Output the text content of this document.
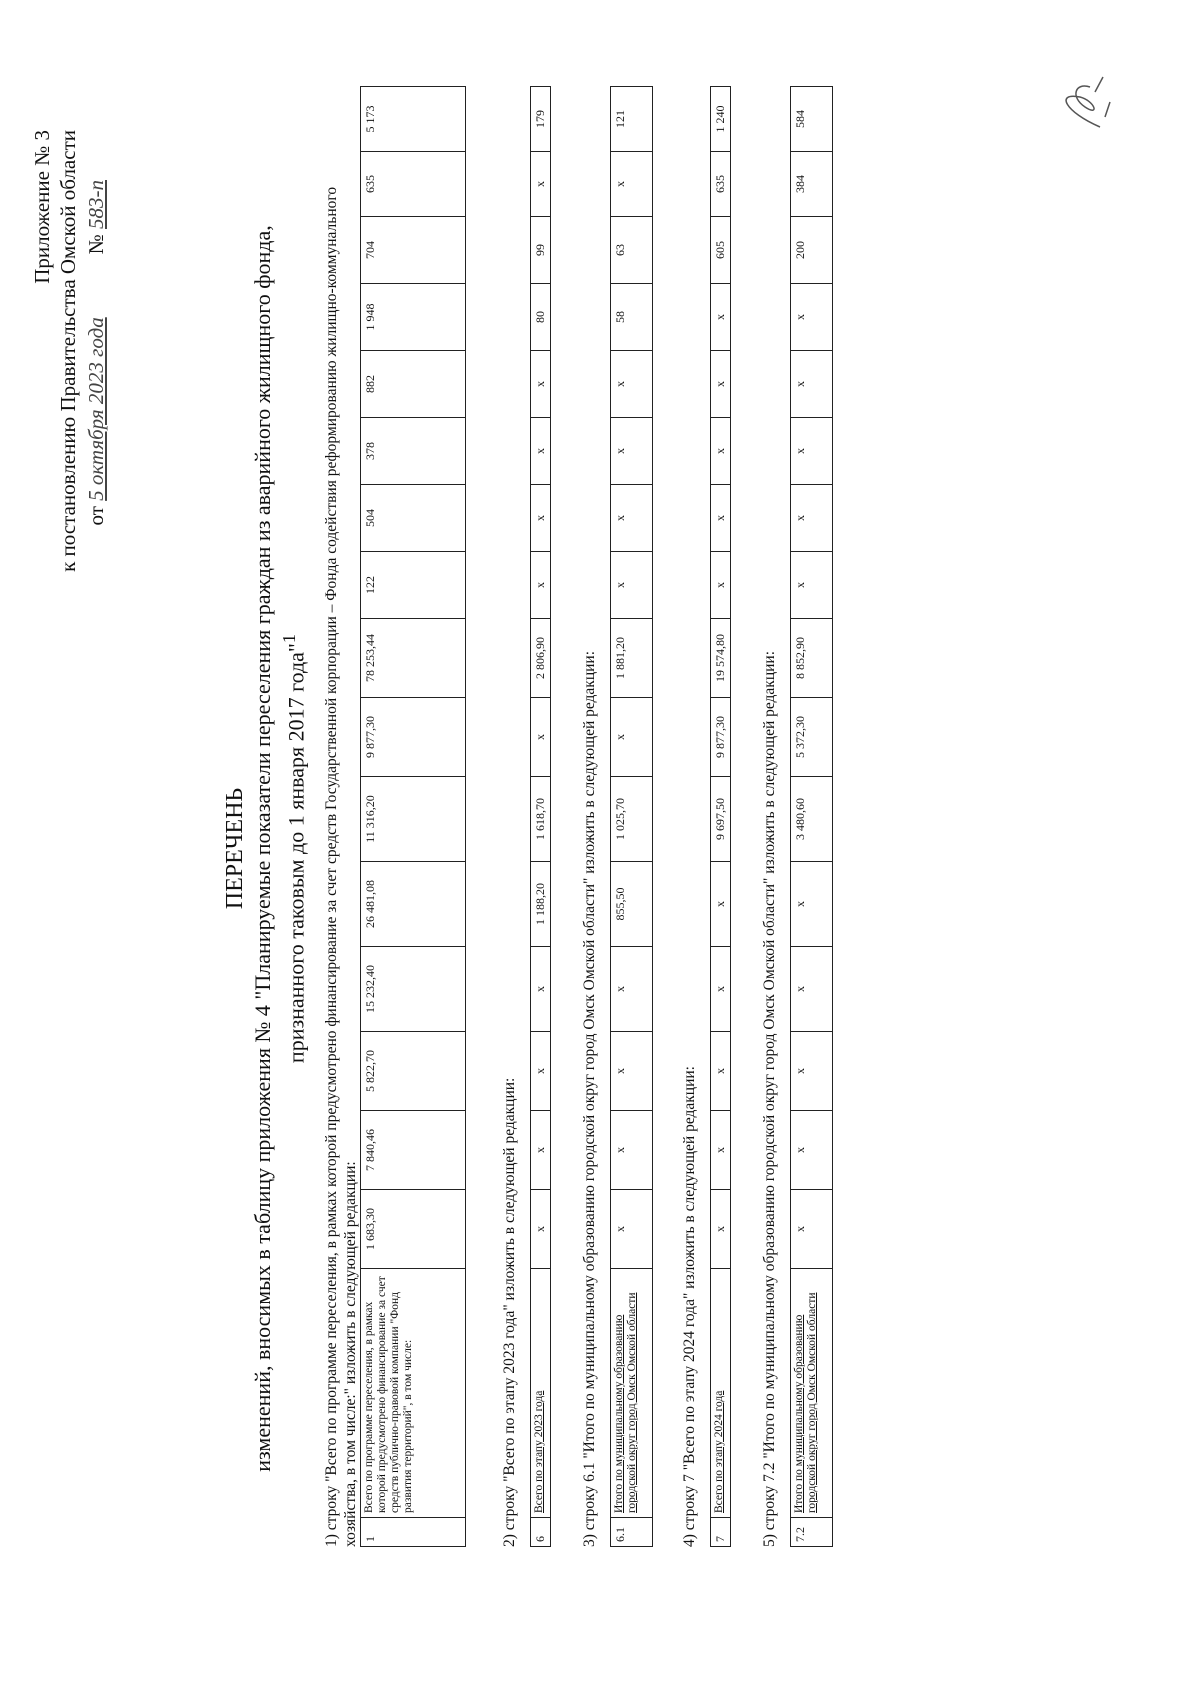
Приложение № 3 к постановлению Правительства Омской области от 5 октября 2023 года            № 583-п
ПЕРЕЧЕНЬ изменений, вносимых в таблицу приложения № 4 "Планируемые показатели переселения граждан из аварийного жилищного фонда, признанного таковым до 1 января 2017 года"$^1$	1) строку "Всего по программе переселения, в рамках которой предусмотрено финансирование за счет средств Государственной корпорации – Фонда содействия реформированию жилищно-коммунального хозяйства, в том числе:" изложить в следующей редакции: 1	Всего по программе переселения, в рамках которой предусмотрено финансирование за счет средств публично-правовой компании "Фонд развития территорий", в том числе:	1 683,30	7 840,46	5 822,70	15 232,40	26 481,08	11 316,20	9 877,30	78 253,44	122	504	378	882	1 948	704	635	5 173
2) строку "Всего по этапу 2023 года" изложить в следующей редакции: 6	Всего по этапу 2023 года	x	x	x	x	1 188,20	1 618,70	x	2 806,90	x	x	x	x	80	99	x	179
3) строку 6.1 "Итого по муниципальному образованию городской округ город Омск Омской области" изложить в следующей редакции: 6.1	Итого по муниципальному образованию городской округ город Омск Омской области	x	x	x	x	855,50	1 025,70	x	1 881,20	x	x	x	x	58	63	x	121
4) строку 7 "Всего по этапу 2024 года" изложить в следующей редакции: 7	Всего по этапу 2024 года	x	x	x	x	x	9 697,50	9 877,30	19 574,80	x	x	x	x	x	605	635	1 240
5) строку 7.2 "Итого по муниципальному образованию городской округ город Омск Омской области" изложить в следующей редакции: 7.2	Итого по муниципальному образованию городской округ город Омск Омской области	x	x	x	x	x	3 480,60	5 372,30	8 852,90	x	x	x	x	x	200	384	584
